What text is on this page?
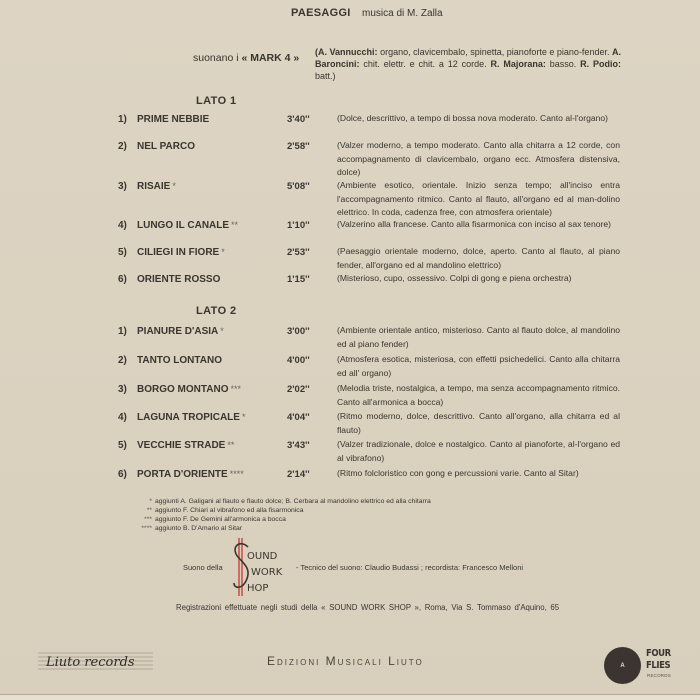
PAESAGGI musica di M. Zalla
suonano i « MARK 4 » (A. Vannucchi: organo, clavicembalo, spinetta, pianoforte e piano-fender. A. Baroncini: chit. elettr. e chit. a 12 corde. R. Majorana: basso. R. Podio: batt.)
LATO 1
1) PRIME NEBBIE	3'40''	(Dolce, descrittivo, a tempo di bossa nova moderato. Canto al-l'organo)
2) NEL PARCO	2'58''	(Valzer moderno, a tempo moderato. Canto alla chitarra a 12 corde, con accompagnamento di clavicembalo, organo ecc. Atmosfera distensiva, dolce)
3) RISAIE *	5'08''	(Ambiente esotico, orientale. Inizio senza tempo; all'inciso entra l'accompagnamento ritmico. Canto al flauto, all'organo ed al man-dolino elettrico. In coda, cadenza free, con atmosfera orientale)
4) LUNGO IL CANALE **	1'10''	(Valzerino alla francese. Canto alla fisarmonica con inciso al sax tenore)
5) CILIEGI IN FIORE *	2'53''	(Paesaggio orientale moderno, dolce, aperto. Canto al flauto, al piano fender, all'organo ed al mandolino elettrico)
6) ORIENTE ROSSO	1'15''	(Misterioso, cupo, ossessivo. Colpi di gong e piena orchestra)
LATO 2
1) PIANURE D'ASIA *	3'00''	(Ambiente orientale antico, misterioso. Canto al flauto dolce, al mandolino ed al piano fender)
2) TANTO LONTANO	4'00''	(Atmosfera esotica, misteriosa, con effetti psichedelici. Canto alla chitarra ed all' organo)
3) BORGO MONTANO ***	2'02''	(Melodia triste, nostalgica, a tempo, ma senza accompagnamento ritmico. Canto all'armonica a bocca)
4) LAGUNA TROPICALE *	4'04''	(Ritmo moderno, dolce, descrittivo. Canto all'organo, alla chitarra ed al flauto)
5) VECCHIE STRADE **	3'43''	(Valzer tradizionale, dolce e nostalgico. Canto al pianoforte, al-l'organo ed al vibrafono)
6) PORTA D'ORIENTE ****	2'14''	(Ritmo folcloristico con gong e percussioni varie. Canto al Sitar)
* aggiunti A. Galigani al flauto e flauto dolce; B. Cerbara al mandolino elettrico ed alla chitarra
** aggiunto F. Chiari al vibrafono ed alla fisarmonica
*** aggiunto F. De Gemini all'armonica a bocca
**** aggiunto B. D'Amario al Sitar
Suono della
OUND
WORK
HOP
- Tecnico del suono: Claudio Budassi ; recordista: Francesco Melloni
Registrazioni effettuate negli studi della « SOUND WORK SHOP », Roma, Via S. Tommaso d'Aquino, 65
Liuto records	Edizioni Musicali Liuto	A
FOUR
FLIES
RECORDS
